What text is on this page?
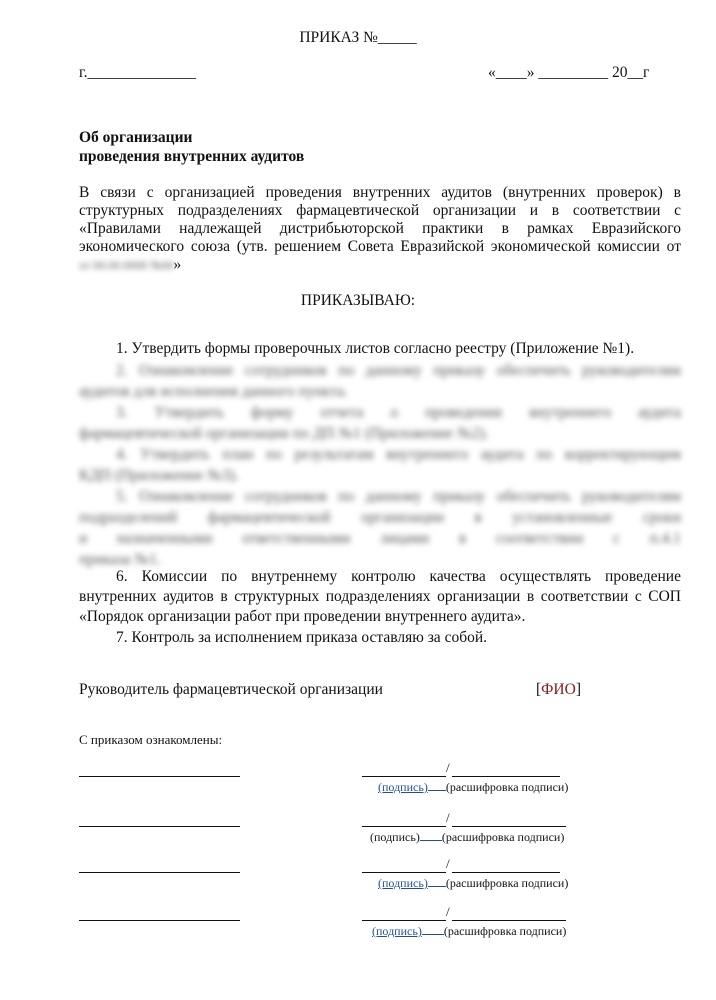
ПРИКАЗ №_____
г.______________	«____» _________ 20__г
Об организации
проведения внутренних аудитов
В связи с организацией проведения внутренних аудитов (внутренних проверок) в
структурных подразделениях фармацевтической организации и в соответствии с
«Правилами надлежащей дистрибьюторской практики в рамках Евразийского
экономического союза (утв. решением Совета Евразийской экономической комиссии от
от 00.00.0000 №00»
ПРИКАЗЫВАЮ:
1. Утвердить формы проверочных листов согласно реестру (Приложение №1).
2. Ознакомление сотрудников по данному приказу обеспечить руководителям
аудитов для исполнения данного пункта.
3. Утвердить форму отчета о проведении внутреннего аудита
фармацевтической организации по ДП №1 (Приложение №2).
4. Утвердить план по результатам внутреннего аудита по корректирующим
КДП (Приложение №3).
5. Ознакомление сотрудников по данному приказу обеспечить руководителям
подразделений фармацевтической организации в установленные сроки
и назначенными ответственными лицами в соответствии с п.4.1
приказа №1.
6. Комиссии по внутреннему контролю качества осуществлять проведение
внутренних аудитов в структурных подразделениях организации в соответствии с СОП
«Порядок организации работ при проведении внутреннего аудита».
7. Контроль за исполнением приказа оставляю за собой.
Руководитель фармацевтической организации	[ФИО]
С приказом ознакомлены:
/
(подпись) (расшифровка подписи)
/
(подпись) (расшифровка подписи)
/
(подпись) (расшифровка подписи)
/
(подпись) (расшифровка подписи)
